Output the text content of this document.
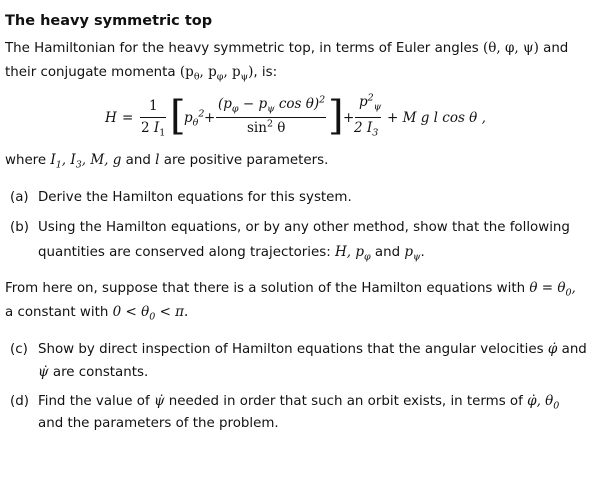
The heavy symmetric top
The Hamiltonian for the heavy symmetric top, in terms of Euler angles (θ, φ, ψ) and
their conjugate momenta ($p_\theta$, $p_\varphi$, $p_\psi$), is:
H =
1
2 $I_1$ [
$p_\theta^2$ +
($p_\varphi - p_\psi$ cos θ)$^2$
$\sin^2 \theta$ ] +
$p^2_\psi$
2 $I_3$
+ M g l cos θ ,
where $I_1$, $I_3$, M, g and l are positive parameters.
(a) Derive the Hamilton equations for this system.
(b) Using the Hamilton equations, or by any other method, show that the following
quantities are conserved along trajectories: H, $p_\varphi$ and $p_\psi$.
From here on, suppose that there is a solution of the Hamilton equations with $\theta = \theta_0$,
a constant with $0 < \theta_0 < \pi$.
(c) Show by direct inspection of Hamilton equations that the angular velocities φ̇ and
ψ̇ are constants.
(d) Find the value of ψ̇ needed in order that such an orbit exists, in terms of φ̇, $\theta_0$
and the parameters of the problem.
